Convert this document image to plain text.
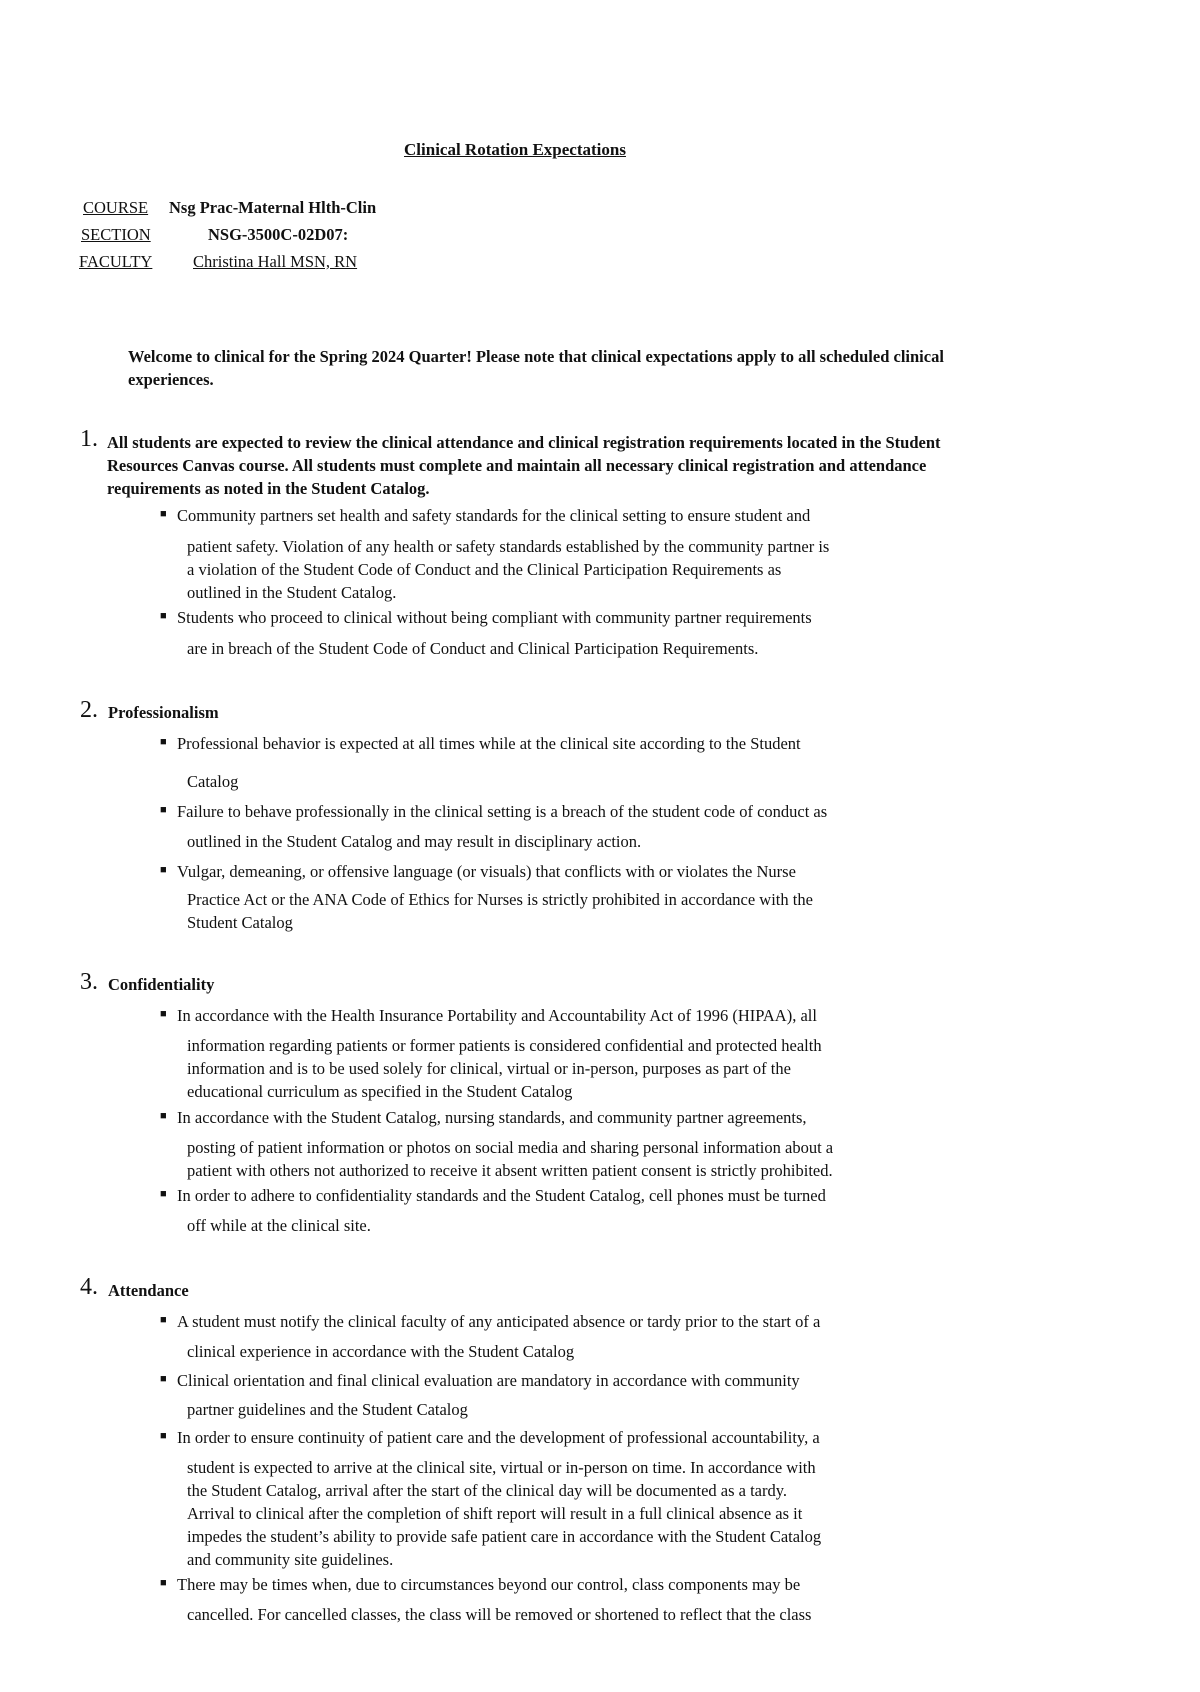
Clinical Rotation Expectations
COURSE Nsg Prac-Maternal Hlth-Clin
SECTION	NSG-3500C-02D07:
FACULTY Christina Hall MSN, RN
Welcome to clinical for the Spring 2024 Quarter! Please note that clinical expectations apply to all scheduled clinical experiences.
1. All students are expected to review the clinical attendance and clinical registration requirements located in the Student Resources Canvas course. All students must complete and maintain all necessary clinical registration and attendance requirements as noted in the Student Catalog.
2. Professionalism
3. Confidentiality
4. Attendance
■ Community partners set health and safety standards for the clinical setting to ensure student and
patient safety. Violation of any health or safety standards established by the community partner is
a violation of the Student Code of Conduct and the Clinical Participation Requirements as
outlined in the Student Catalog.
■ Students who proceed to clinical without being compliant with community partner requirements
are in breach of the Student Code of Conduct and Clinical Participation Requirements.
■ Professional behavior is expected at all times while at the clinical site according to the Student
Catalog
■ Failure to behave professionally in the clinical setting is a breach of the student code of conduct as
outlined in the Student Catalog and may result in disciplinary action.
■ Vulgar, demeaning, or offensive language (or visuals) that conflicts with or violates the Nurse
Practice Act or the ANA Code of Ethics for Nurses is strictly prohibited in accordance with the
Student Catalog
■ In accordance with the Health Insurance Portability and Accountability Act of 1996 (HIPAA), all
information regarding patients or former patients is considered confidential and protected health
information and is to be used solely for clinical, virtual or in-person, purposes as part of the
educational curriculum as specified in the Student Catalog
■ In accordance with the Student Catalog, nursing standards, and community partner agreements,
posting of patient information or photos on social media and sharing personal information about a
patient with others not authorized to receive it absent written patient consent is strictly prohibited.
■ In order to adhere to confidentiality standards and the Student Catalog, cell phones must be turned
off while at the clinical site.
■ A student must notify the clinical faculty of any anticipated absence or tardy prior to the start of a
clinical experience in accordance with the Student Catalog
■ Clinical orientation and final clinical evaluation are mandatory in accordance with community
partner guidelines and the Student Catalog
■ In order to ensure continuity of patient care and the development of professional accountability, a
student is expected to arrive at the clinical site, virtual or in-person on time. In accordance with
the Student Catalog, arrival after the start of the clinical day will be documented as a tardy.
Arrival to clinical after the completion of shift report will result in a full clinical absence as it
impedes the student’s ability to provide safe patient care in accordance with the Student Catalog
and community site guidelines.
■ There may be times when, due to circumstances beyond our control, class components may be
cancelled. For cancelled classes, the class will be removed or shortened to reflect that the class
